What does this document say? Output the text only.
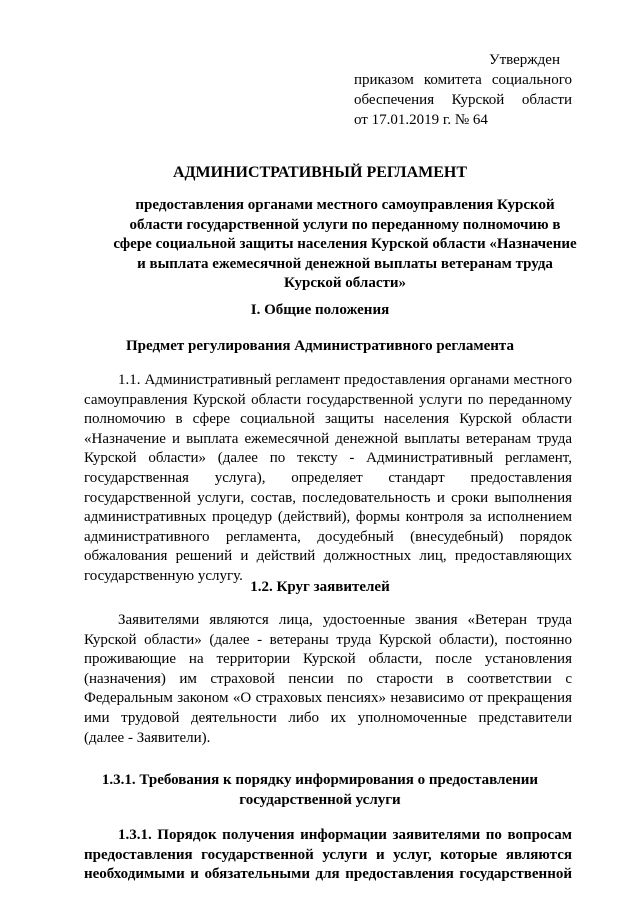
Утвержден
приказом комитета социального
обеспечения Курской области
от 17.01.2019 г. № 64
АДМИНИСТРАТИВНЫЙ РЕГЛАМЕНТ
предоставления органами местного самоуправления Курской области государственной услуги по переданному полномочию в сфере социальной защиты населения Курской области «Назначение и выплата ежемесячной денежной выплаты ветеранам труда Курской области»
I. Общие положения
Предмет регулирования Административного регламента
1.1. Административный регламент предоставления органами местного
самоуправления Курской области государственной услуги по переданному
полномочию в сфере социальной защиты населения Курской области
«Назначение и выплата ежемесячной денежной выплаты ветеранам труда
Курской области» (далее по тексту - Административный регламент,
государственная услуга), определяет стандарт предоставления
государственной услуги, состав, последовательность и сроки выполнения
административных процедур (действий), формы контроля за исполнением
административного регламента, досудебный (внесудебный) порядок
обжалования решений и действий должностных лиц, предоставляющих
государственную услугу.
1.2. Круг заявителей
Заявителями являются лица, удостоенные звания «Ветеран труда
Курской области» (далее - ветераны труда Курской области), постоянно
проживающие на территории Курской области, после установления
(назначения) им страховой пенсии по старости в соответствии с
Федеральным законом «О страховых пенсиях» независимо от прекращения
ими трудовой деятельности либо их уполномоченные представители
(далее - Заявители).
1.3.1. Требования к порядку информирования о предоставлении
государственной услуги
1.3.1. Порядок получения информации заявителями по вопросам
предоставления государственной услуги и услуг, которые являются
необходимыми и обязательными для предоставления государственной
